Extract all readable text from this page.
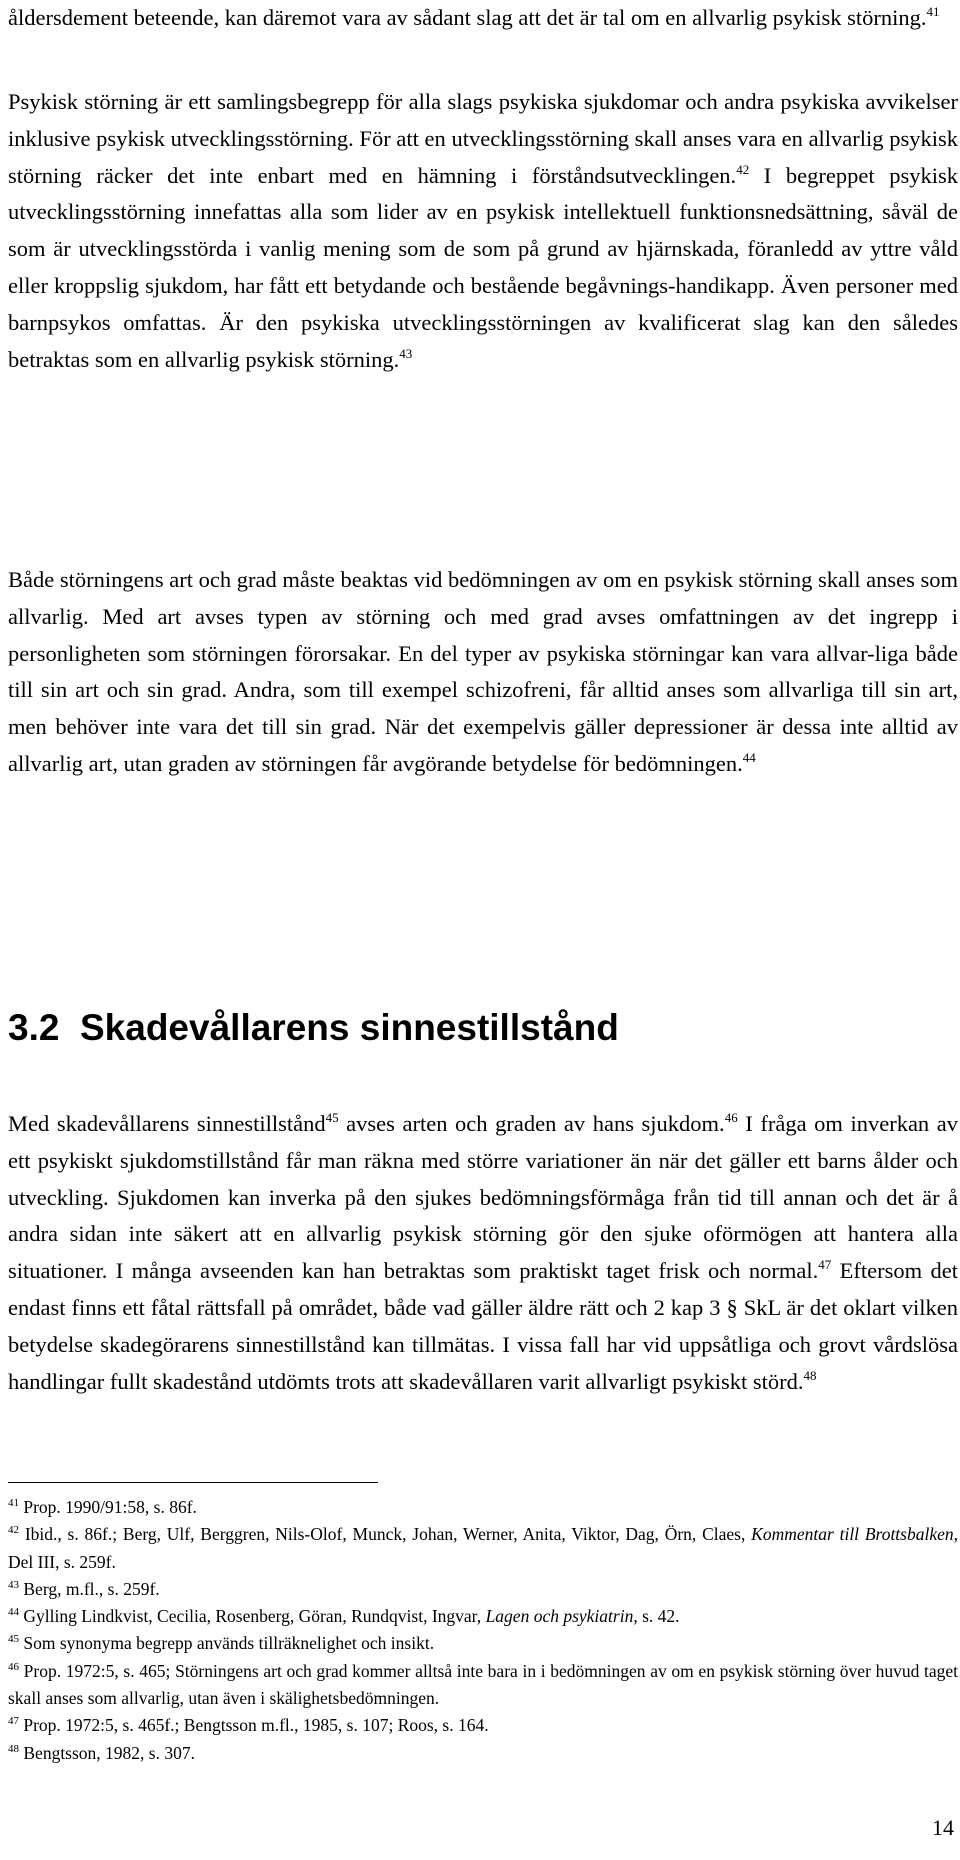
åldersdement beteende, kan däremot vara av sådant slag att det är tal om en allvarlig psykisk störning.$^{41}$

Psykisk störning är ett samlingsbegrepp för alla slags psykiska sjukdomar och andra psykiska avvikelser inklusive psykisk utvecklingsstörning. För att en utvecklingsstörning skall anses vara en allvarlig psykisk störning räcker det inte enbart med en hämning i förståndsutvecklingen.$^{42}$ I begreppet psykisk utvecklingsstörning innefattas alla som lider av en psykisk intellektuell funktionsnedsättning, såväl de som är utvecklingsstörda i vanlig mening som de som på grund av hjärnskada, föranledd av yttre våld eller kroppslig sjukdom, har fått ett betydande och bestående begåvnings-handikapp. Även personer med barnpsykos omfattas. Är den psykiska utvecklingsstörningen av kvalificerat slag kan den således betraktas som en allvarlig psykisk störning.$^{43}$

Både störningens art och grad måste beaktas vid bedömningen av om en psykisk störning skall anses som allvarlig. Med art avses typen av störning och med grad avses omfattningen av det ingrepp i personligheten som störningen förorsakar. En del typer av psykiska störningar kan vara allvar-liga både till sin art och sin grad. Andra, som till exempel schizofreni, får alltid anses som allvarliga till sin art, men behöver inte vara det till sin grad. När det exempelvis gäller depressioner är dessa inte alltid av allvarlig art, utan graden av störningen får avgörande betydelse för bedömningen.$^{44}$

3.2 Skadevållarens sinnestillstånd

Med skadevållarens sinnestillstånd$^{45}$ avses arten och graden av hans sjukdom.$^{46}$ I fråga om inverkan av ett psykiskt sjukdomstillstånd får man räkna med större variationer än när det gäller ett barns ålder och utveckling. Sjukdomen kan inverka på den sjukes bedömningsförmåga från tid till annan och det är å andra sidan inte säkert att en allvarlig psykisk störning gör den sjuke oförmögen att hantera alla situationer. I många avseenden kan han betraktas som praktiskt taget frisk och normal.$^{47}$ Eftersom det endast finns ett fåtal rättsfall på området, både vad gäller äldre rätt och 2 kap 3 § SkL är det oklart vilken betydelse skadegörarens sinnestillstånd kan tillmätas. I vissa fall har vid uppsåtliga och grovt vårdslösa handlingar fullt skadestånd utdömts trots att skadevållaren varit allvarligt psykiskt störd.$^{48}$

$^{41}$ Prop. 1990/91:58, s. 86f.

$^{42}$ Ibid., s. 86f.; Berg, Ulf, Berggren, Nils-Olof, Munck, Johan, Werner, Anita, Viktor, Dag, Örn, Claes, Kommentar till Brottsbalken, Del III, s. 259f.

$^{43}$ Berg, m.fl., s. 259f.

$^{44}$ Gylling Lindkvist, Cecilia, Rosenberg, Göran, Rundqvist, Ingvar, Lagen och psykiatrin, s. 42.

$^{45}$ Som synonyma begrepp används tillräknelighet och insikt.

$^{46}$ Prop. 1972:5, s. 465; Störningens art och grad kommer alltså inte bara in i bedömningen av om en psykisk störning över huvud taget skall anses som allvarlig, utan även i skälighetsbedömningen.

$^{47}$ Prop. 1972:5, s. 465f.; Bengtsson m.fl., 1985, s. 107; Roos, s. 164.

$^{48}$ Bengtsson, 1982, s. 307.

14
